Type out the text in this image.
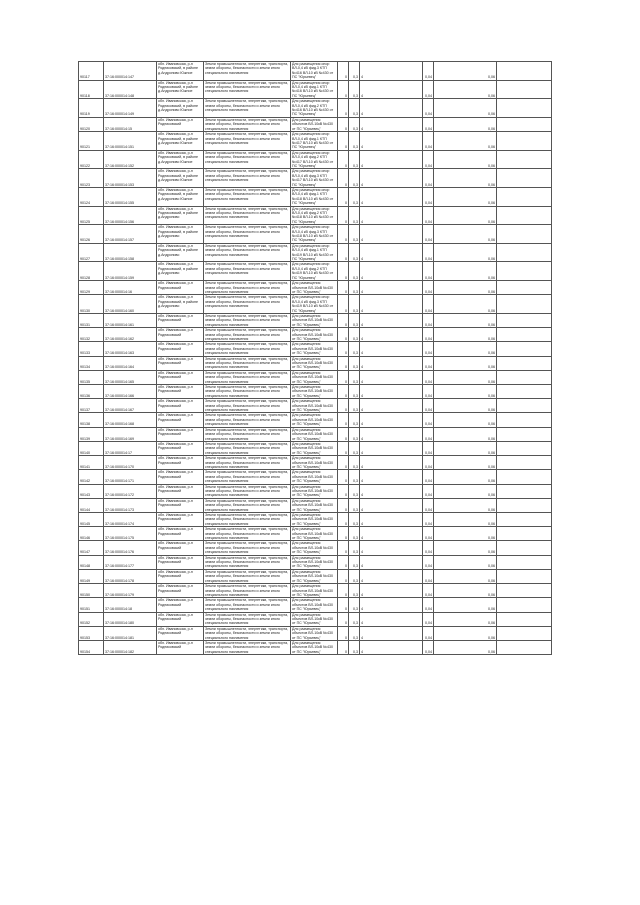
90117	37:16:000014:147	обл. Ивановская, р-н Родниковский, в районе д.Андроново Южное	Земли промышленности, энергетики, транспорта, земли обороны, безопасности и земли иного специального назначения	Для размещения опор ВЛ-0,4 кВ фид.3 КТП №416 ВЛ-10 кВ №430 от ПС "Юрьевец"	0	0,3	4	0,04	0,06	
90118	37:16:000014:148	обл. Ивановская, р-н Родниковский, в районе д.Андроново Южное	Земли промышленности, энергетики, транспорта, земли обороны, безопасности и земли иного специального назначения	Для размещения опор ВЛ-0,4 кВ фид.1 КТП №416 ВЛ-10 кВ №430 от ПС "Юрьевец"	0	0,3	4	0,04	0,06	
90119	37:16:000014:149	обл. Ивановская, р-н Родниковский, в районе д.Андроново Южное	Земли промышленности, энергетики, транспорта, земли обороны, безопасности и земли иного специального назначения	Для размещения опор ВЛ-0,4 кВ фид.2 КТП №416 ВЛ-10 кВ №430 от ПС "Юрьевец"	0	0,3	4	0,04	0,06	
90120	37:16:000014:15	обл. Ивановская, р-н Родниковский	Земли промышленности, энергетики, транспорта, земли обороны, безопасности и земли иного специального назначения	Для размещения объектов ВЛ-10кВ №430 от ПС "Юрьевец"	0	0,3	4	0,04	0,06	
90121	37:16:000014:151	обл. Ивановская, р-н Родниковский, в районе д.Андроново Южное	Земли промышленности, энергетики, транспорта, земли обороны, безопасности и земли иного специального назначения	Для размещения опор ВЛ-0,4 кВ фид.1 КТП №417 ВЛ-10 кВ №430 от ПС "Юрьевец"	0	0,3	4	0,04	0,06	
90122	37:16:000014:152	обл. Ивановская, р-н Родниковский, в районе д.Андроново Южное	Земли промышленности, энергетики, транспорта, земли обороны, безопасности и земли иного специального назначения	Для размещения опор ВЛ-0,4 кВ фид.2 КТП №417 ВЛ-10 кВ №430 от ПС "Юрьевец"	0	0,3	4	0,04	0,06	
90123	37:16:000014:153	обл. Ивановская, р-н Родниковский, в районе д.Андроново Южное	Земли промышленности, энергетики, транспорта, земли обороны, безопасности и земли иного специального назначения	Для размещения опор ВЛ-0,4 кВ фид.3 КТП №417 ВЛ-10 кВ №430 от ПС "Юрьевец"	0	0,3	4	0,04	0,06	
90124	37:16:000014:155	обл. Ивановская, р-н Родниковский, в районе д.Андроново Южное	Земли промышленности, энергетики, транспорта, земли обороны, безопасности и земли иного специального назначения	Для размещения опор ВЛ-0,4 кВ фид.1 КТП №418 ВЛ-10 кВ №430 от ПС "Юрьевец"	0	0,3	4	0,04	0,06	
90125	37:16:000014:156	обл. Ивановская, р-н Родниковский, в районе д.Андроново	Земли промышленности, энергетики, транспорта, земли обороны, безопасности и земли иного специального назначения	Для размещения опор ВЛ-0,4 кВ фид.2 КТП №418 ВЛ-10 кВ №430 от ПС "Юрьевец"	0	0,3	4	0,04	0,06	
90126	37:16:000014:157	обл. Ивановская, р-н Родниковский, в районе д.Андроново	Земли промышленности, энергетики, транспорта, земли обороны, безопасности и земли иного специального назначения	Для размещения опор ВЛ-0,4 кВ фид.3 КТП №418 ВЛ-10 кВ №430 от ПС "Юрьевец"	0	0,3	4	0,04	0,06	
90127	37:16:000014:158	обл. Ивановская, р-н Родниковский, в районе д.Андроново	Земли промышленности, энергетики, транспорта, земли обороны, безопасности и земли иного специального назначения	Для размещения опор ВЛ-0,4 кВ фид.1 КТП №419 ВЛ-10 кВ №430 от ПС "Юрьевец"	0	0,3	4	0,04	0,06	
90128	37:16:000014:159	обл. Ивановская, р-н Родниковский, в районе д.Андроново	Земли промышленности, энергетики, транспорта, земли обороны, безопасности и земли иного специального назначения	Для размещения опор ВЛ-0,4 кВ фид.2 КТП №419 ВЛ-10 кВ №430 от ПС "Юрьевец"	0	0,3	4	0,04	0,06	
90129	37:16:000014:16	обл. Ивановская, р-н Родниковский	Земли промышленности, энергетики, транспорта, земли обороны, безопасности и земли иного специального назначения	Для размещения объектов ВЛ-10кВ №430 от ПС "Юрьевец"	0	0,3	4	0,04	0,06	
90130	37:16:000014:160	обл. Ивановская, р-н Родниковский, в районе д.Андроново	Земли промышленности, энергетики, транспорта, земли обороны, безопасности и земли иного специального назначения	Для размещения опор ВЛ-0,4 кВ фид.3 КТП №419 ВЛ-10 кВ №430 от ПС "Юрьевец"	0	0,3	4	0,04	0,06	
90131	37:16:000014:161	обл. Ивановская, р-н Родниковский	Земли промышленности, энергетики, транспорта, земли обороны, безопасности и земли иного специального назначения	Для размещения объектов ВЛ-10кВ №430 от ПС "Юрьевец"	0	0,3	4	0,04	0,06	
90132	37:16:000014:162	обл. Ивановская, р-н Родниковский	Земли промышленности, энергетики, транспорта, земли обороны, безопасности и земли иного специального назначения	Для размещения объектов ВЛ-10кВ №430 от ПС "Юрьевец"	0	0,3	4	0,04	0,06	
90133	37:16:000014:163	обл. Ивановская, р-н Родниковский	Земли промышленности, энергетики, транспорта, земли обороны, безопасности и земли иного специального назначения	Для размещения объектов ВЛ-10кВ №430 от ПС "Юрьевец"	0	0,3	4	0,04	0,06	
90134	37:16:000014:164	обл. Ивановская, р-н Родниковский	Земли промышленности, энергетики, транспорта, земли обороны, безопасности и земли иного специального назначения	Для размещения объектов ВЛ-10кВ №430 от ПС "Юрьевец"	0	0,3	4	0,04	0,06	
90135	37:16:000014:165	обл. Ивановская, р-н Родниковский	Земли промышленности, энергетики, транспорта, земли обороны, безопасности и земли иного специального назначения	Для размещения объектов ВЛ-10кВ №430 от ПС "Юрьевец"	0	0,3	4	0,04	0,06	
90136	37:16:000014:166	обл. Ивановская, р-н Родниковский	Земли промышленности, энергетики, транспорта, земли обороны, безопасности и земли иного специального назначения	Для размещения объектов ВЛ-10кВ №430 от ПС "Юрьевец"	0	0,3	4	0,04	0,06	
90137	37:16:000014:167	обл. Ивановская, р-н Родниковский	Земли промышленности, энергетики, транспорта, земли обороны, безопасности и земли иного специального назначения	Для размещения объектов ВЛ-10кВ №430 от ПС "Юрьевец"	0	0,3	4	0,04	0,06	
90138	37:16:000014:168	обл. Ивановская, р-н Родниковский	Земли промышленности, энергетики, транспорта, земли обороны, безопасности и земли иного специального назначения	Для размещения объектов ВЛ-10кВ №430 от ПС "Юрьевец"	0	0,3	4	0,04	0,06	
90139	37:16:000014:169	обл. Ивановская, р-н Родниковский	Земли промышленности, энергетики, транспорта, земли обороны, безопасности и земли иного специального назначения	Для размещения объектов ВЛ-10кВ №430 от ПС "Юрьевец"	0	0,3	4	0,04	0,06	
90140	37:16:000014:17	обл. Ивановская, р-н Родниковский	Земли промышленности, энергетики, транспорта, земли обороны, безопасности и земли иного специального назначения	Для размещения объектов ВЛ-10кВ №430 от ПС "Юрьевец"	0	0,3	4	0,04	0,06	
90141	37:16:000014:170	обл. Ивановская, р-н Родниковский	Земли промышленности, энергетики, транспорта, земли обороны, безопасности и земли иного специального назначения	Для размещения объектов ВЛ-10кВ №430 от ПС "Юрьевец"	0	0,3	4	0,04	0,06	
90142	37:16:000014:171	обл. Ивановская, р-н Родниковский	Земли промышленности, энергетики, транспорта, земли обороны, безопасности и земли иного специального назначения	Для размещения объектов ВЛ-10кВ №430 от ПС "Юрьевец"	0	0,3	4	0,04	0,06	
90143	37:16:000014:172	обл. Ивановская, р-н Родниковский	Земли промышленности, энергетики, транспорта, земли обороны, безопасности и земли иного специального назначения	Для размещения объектов ВЛ-10кВ №430 от ПС "Юрьевец"	0	0,3	4	0,04	0,06	
90144	37:16:000014:173	обл. Ивановская, р-н Родниковский	Земли промышленности, энергетики, транспорта, земли обороны, безопасности и земли иного специального назначения	Для размещения объектов ВЛ-10кВ №430 от ПС "Юрьевец"	0	0,3	4	0,04	0,06	
90145	37:16:000014:174	обл. Ивановская, р-н Родниковский	Земли промышленности, энергетики, транспорта, земли обороны, безопасности и земли иного специального назначения	Для размещения объектов ВЛ-10кВ №430 от ПС "Юрьевец"	0	0,3	4	0,04	0,06	
90146	37:16:000014:175	обл. Ивановская, р-н Родниковский	Земли промышленности, энергетики, транспорта, земли обороны, безопасности и земли иного специального назначения	Для размещения объектов ВЛ-10кВ №430 от ПС "Юрьевец"	0	0,3	4	0,04	0,06	
90147	37:16:000014:176	обл. Ивановская, р-н Родниковский	Земли промышленности, энергетики, транспорта, земли обороны, безопасности и земли иного специального назначения	Для размещения объектов ВЛ-10кВ №430 от ПС "Юрьевец"	0	0,3	4	0,04	0,06	
90148	37:16:000014:177	обл. Ивановская, р-н Родниковский	Земли промышленности, энергетики, транспорта, земли обороны, безопасности и земли иного специального назначения	Для размещения объектов ВЛ-10кВ №430 от ПС "Юрьевец"	0	0,3	4	0,04	0,06	
90149	37:16:000014:178	обл. Ивановская, р-н Родниковский	Земли промышленности, энергетики, транспорта, земли обороны, безопасности и земли иного специального назначения	Для размещения объектов ВЛ-10кВ №430 от ПС "Юрьевец"	0	0,3	4	0,04	0,06	
90150	37:16:000014:179	обл. Ивановская, р-н Родниковский	Земли промышленности, энергетики, транспорта, земли обороны, безопасности и земли иного специального назначения	Для размещения объектов ВЛ-10кВ №430 от ПС "Юрьевец"	0	0,3	4	0,04	0,06	
90151	37:16:000014:18	обл. Ивановская, р-н Родниковский	Земли промышленности, энергетики, транспорта, земли обороны, безопасности и земли иного специального назначения	Для размещения объектов ВЛ-10кВ №430 от ПС "Юрьевец"	0	0,3	4	0,04	0,06	
90152	37:16:000014:180	обл. Ивановская, р-н Родниковский	Земли промышленности, энергетики, транспорта, земли обороны, безопасности и земли иного специального назначения	Для размещения объектов ВЛ-10кВ №430 от ПС "Юрьевец"	0	0,3	4	0,04	0,06	
90153	37:16:000014:181	обл. Ивановская, р-н Родниковский	Земли промышленности, энергетики, транспорта, земли обороны, безопасности и земли иного специального назначения	Для размещения объектов ВЛ-10кВ №430 от ПС "Юрьевец"	0	0,3	4	0,04	0,06	
90154	37:16:000014:182	обл. Ивановская, р-н Родниковский	Земли промышленности, энергетики, транспорта, земли обороны, безопасности и земли иного специального назначения	Для размещения объектов ВЛ-10кВ №430 от ПС "Юрьевец"	0	0,3	4	0,04	0,06	
